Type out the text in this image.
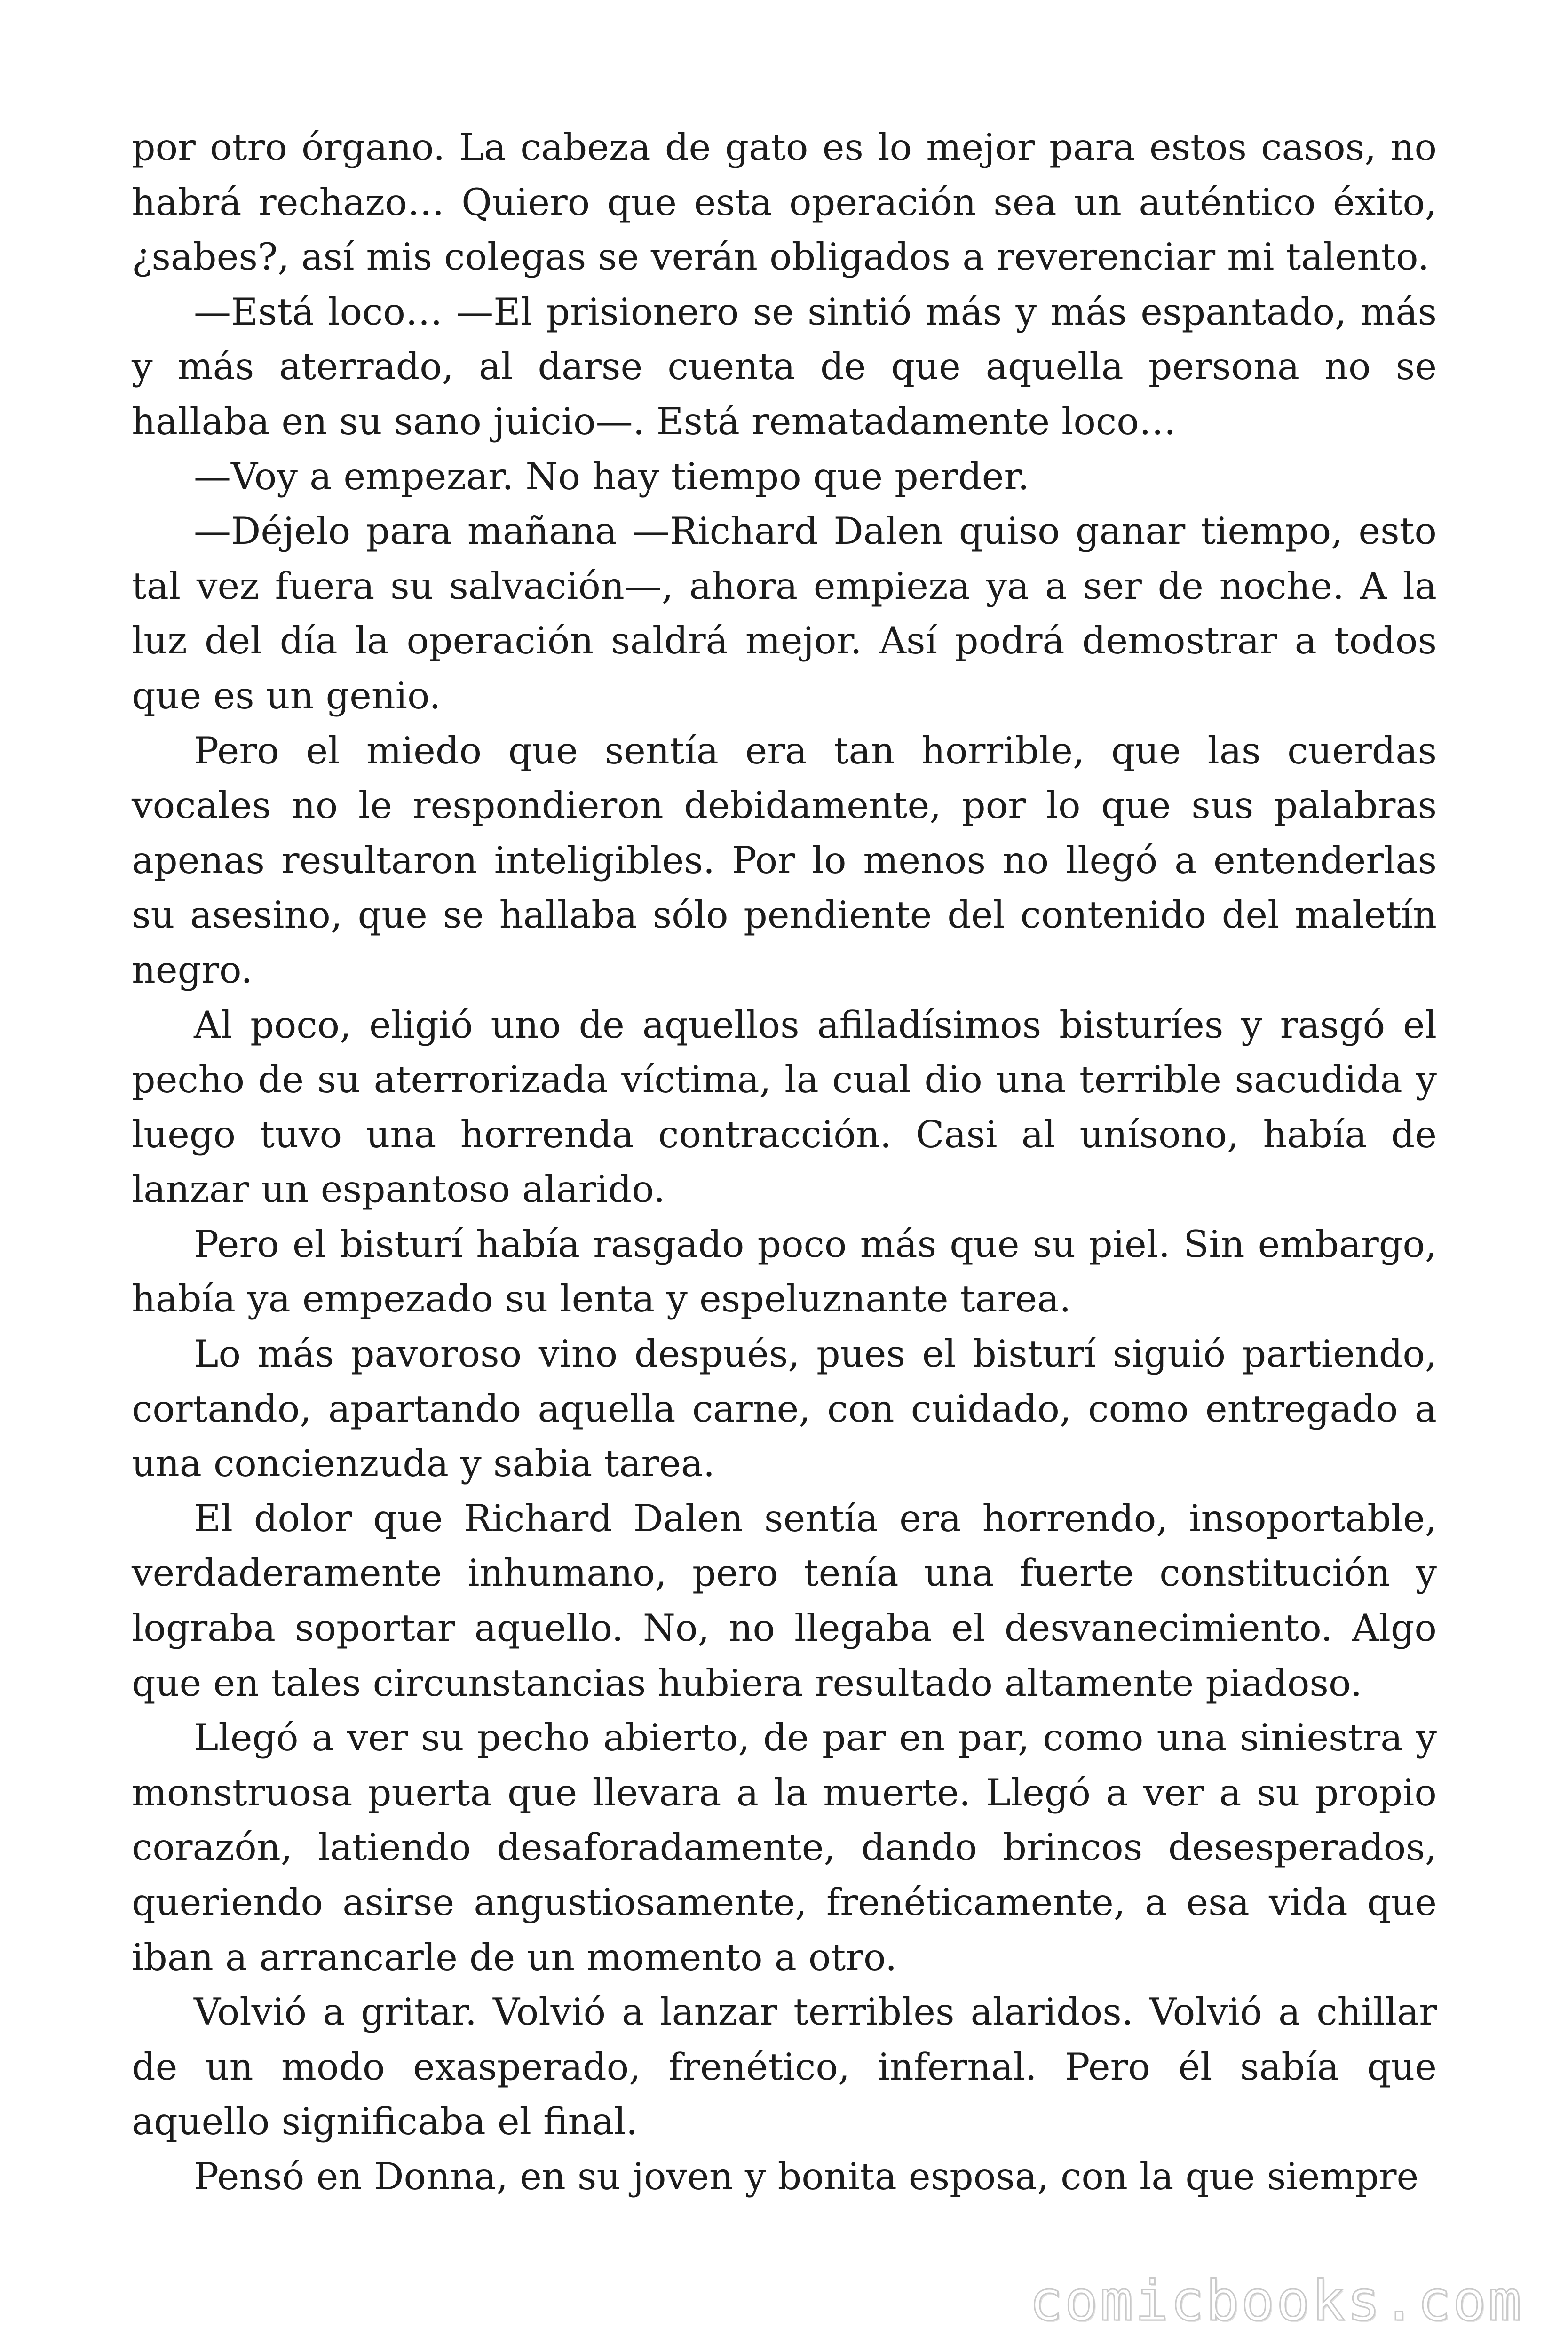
por otro órgano. La cabeza de gato es lo mejor para estos casos, no habrá rechazo… Quiero que esta operación sea un auténtico éxito, ¿sabes?, así mis colegas se verán obligados a reverenciar mi talento.

—Está loco… —El prisionero se sintió más y más espantado, más y más aterrado, al darse cuenta de que aquella persona no se hallaba en su sano juicio—. Está rematadamente loco…

—Voy a empezar. No hay tiempo que perder.

—Déjelo para mañana —Richard Dalen quiso ganar tiempo, esto tal vez fuera su salvación—, ahora empieza ya a ser de noche. A la luz del día la operación saldrá mejor. Así podrá demostrar a todos que es un genio.

Pero el miedo que sentía era tan horrible, que las cuerdas vocales no le respondieron debidamente, por lo que sus palabras apenas resultaron inteligibles. Por lo menos no llegó a entenderlas su asesino, que se hallaba sólo pendiente del contenido del maletín negro.

Al poco, eligió uno de aquellos afiladísimos bisturíes y rasgó el pecho de su aterrorizada víctima, la cual dio una terrible sacudida y luego tuvo una horrenda contracción. Casi al unísono, había de lanzar un espantoso alarido.

Pero el bisturí había rasgado poco más que su piel. Sin embargo, había ya empezado su lenta y espeluznante tarea.

Lo más pavoroso vino después, pues el bisturí siguió partiendo, cortando, apartando aquella carne, con cuidado, como entregado a una concienzuda y sabia tarea.

El dolor que Richard Dalen sentía era horrendo, insoportable, verdaderamente inhumano, pero tenía una fuerte constitución y lograba soportar aquello. No, no llegaba el desvanecimiento. Algo que en tales circunstancias hubiera resultado altamente piadoso.

Llegó a ver su pecho abierto, de par en par, como una siniestra y monstruosa puerta que llevara a la muerte. Llegó a ver a su propio corazón, latiendo desaforadamente, dando brincos desesperados, queriendo asirse angustiosamente, frenéticamente, a esa vida que iban a arrancarle de un momento a otro.

Volvió a gritar. Volvió a lanzar terribles alaridos. Volvió a chillar de un modo exasperado, frenético, infernal. Pero él sabía que aquello significaba el final.

Pensó en Donna, en su joven y bonita esposa, con la que siempre

comicbooks.com
